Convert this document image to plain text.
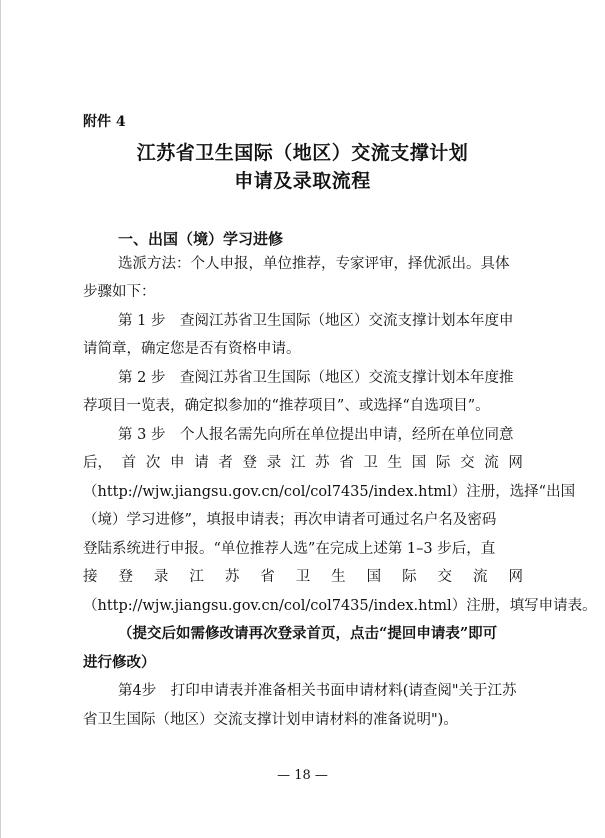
附件 4
江苏省卫生国际（地区）交流支撑计划
申请及录取流程
一、出国（境）学习进修
选派方法：个人申报，单位推荐，专家评审，择优派出。具体
步骤如下：
第 1 步　查阅江苏省卫生国际（地区）交流支撑计划本年度申
请简章，确定您是否有资格申请。
第 2 步　查阅江苏省卫生国际（地区）交流支撑计划本年度推
荐项目一览表，确定拟参加的“推荐项目”、或选择“自选项目”。
第 3 步　个人报名需先向所在单位提出申请，经所在单位同意
后， 首 次 申 请 者 登 录 江 苏 省 卫 生 国 际 交 流 网
（http://wjw.jiangsu.gov.cn/col/col7435/index.html）注册，选择“出国
（境）学习进修”，填报申请表；再次申请者可通过名户名及密码
登陆系统进行申报。“单位推荐人选”在完成上述第 1–3 步后，直
接 登 录 江 苏 省 卫 生 国 际 交 流 网
（http://wjw.jiangsu.gov.cn/col/col7435/index.html）注册，填写申请表。
（提交后如需修改请再次登录首页，点击“提回申请表”即可
进行修改）
第4步　打印申请表并准备相关书面申请材料(请查阅"关于江苏
省卫生国际（地区）交流支撑计划申请材料的准备说明")。
— 18 —
